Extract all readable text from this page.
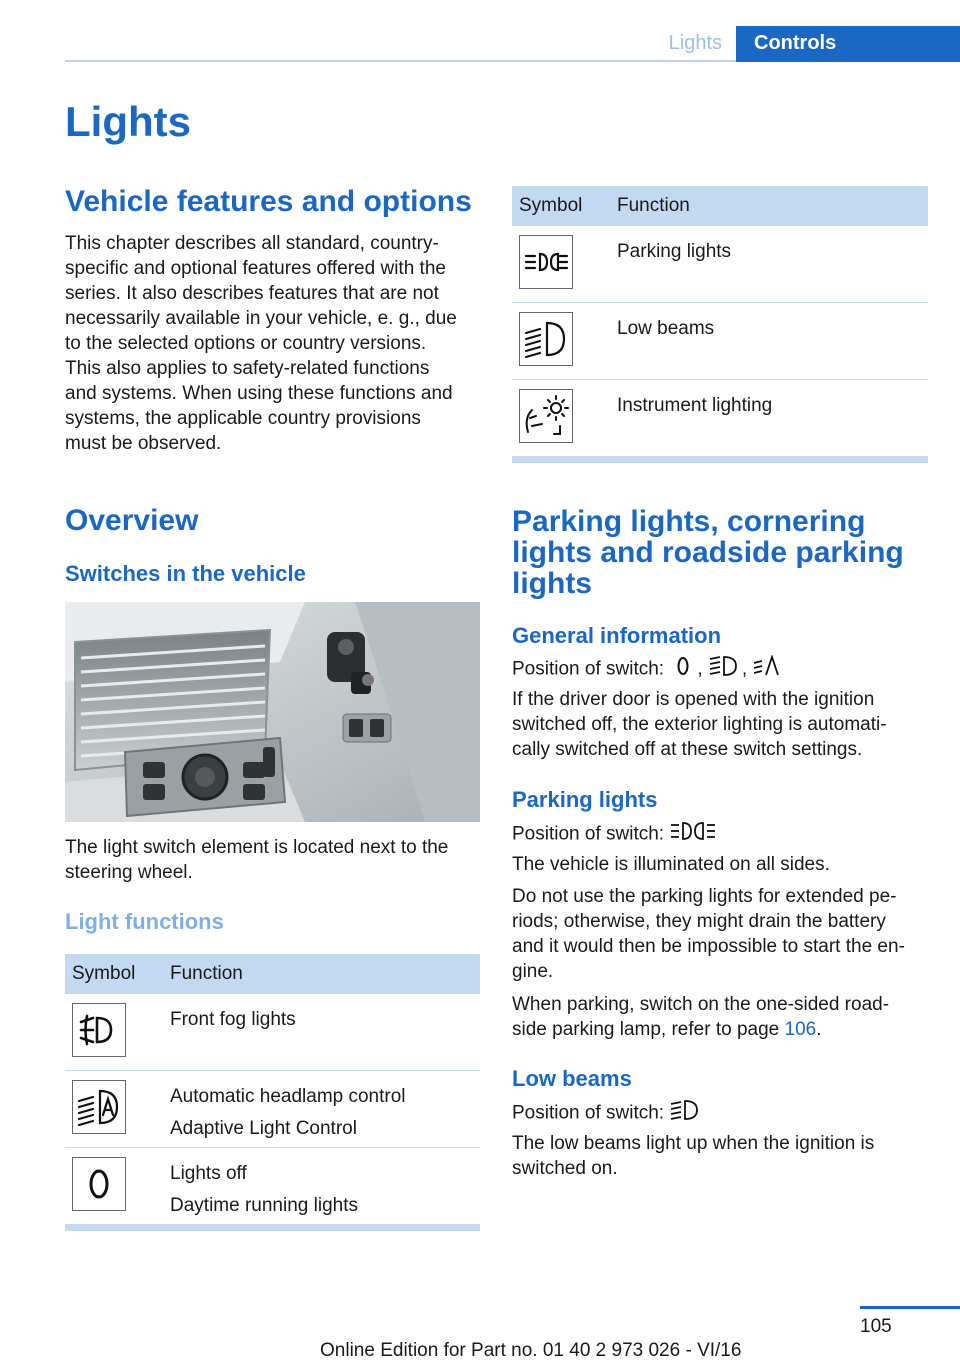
Lights	Controls
Lights
Vehicle features and options
This chapter describes all standard, country-
specific and optional features offered with the
series. It also describes features that are not
necessarily available in your vehicle, e. g., due
to the selected options or country versions.
This also applies to safety-related functions
and systems. When using these functions and
systems, the applicable country provisions
must be observed.
Overview
Switches in the vehicle
The light switch element is located next to the
steering wheel.
Light functions
Symbol Function
Front fog lights
Automatic headlamp control
Adaptive Light Control
Lights off
Daytime running lights
Symbol Function
Parking lights
Low beams
Instrument lighting
Parking lights, cornering
lights and roadside parking
lights
General information
Position of switch: , ,
If the driver door is opened with the ignition
switched off, the exterior lighting is automati-
cally switched off at these switch settings.
Parking lights
Position of switch:
The vehicle is illuminated on all sides.
Do not use the parking lights for extended pe-
riods; otherwise, they might drain the battery
and it would then be impossible to start the en-
gine.
When parking, switch on the one-sided road-
side parking lamp, refer to page 106.
Low beams
Position of switch:
The low beams light up when the ignition is
switched on.
105
Online Edition for Part no. 01 40 2 973 026 - VI/16
